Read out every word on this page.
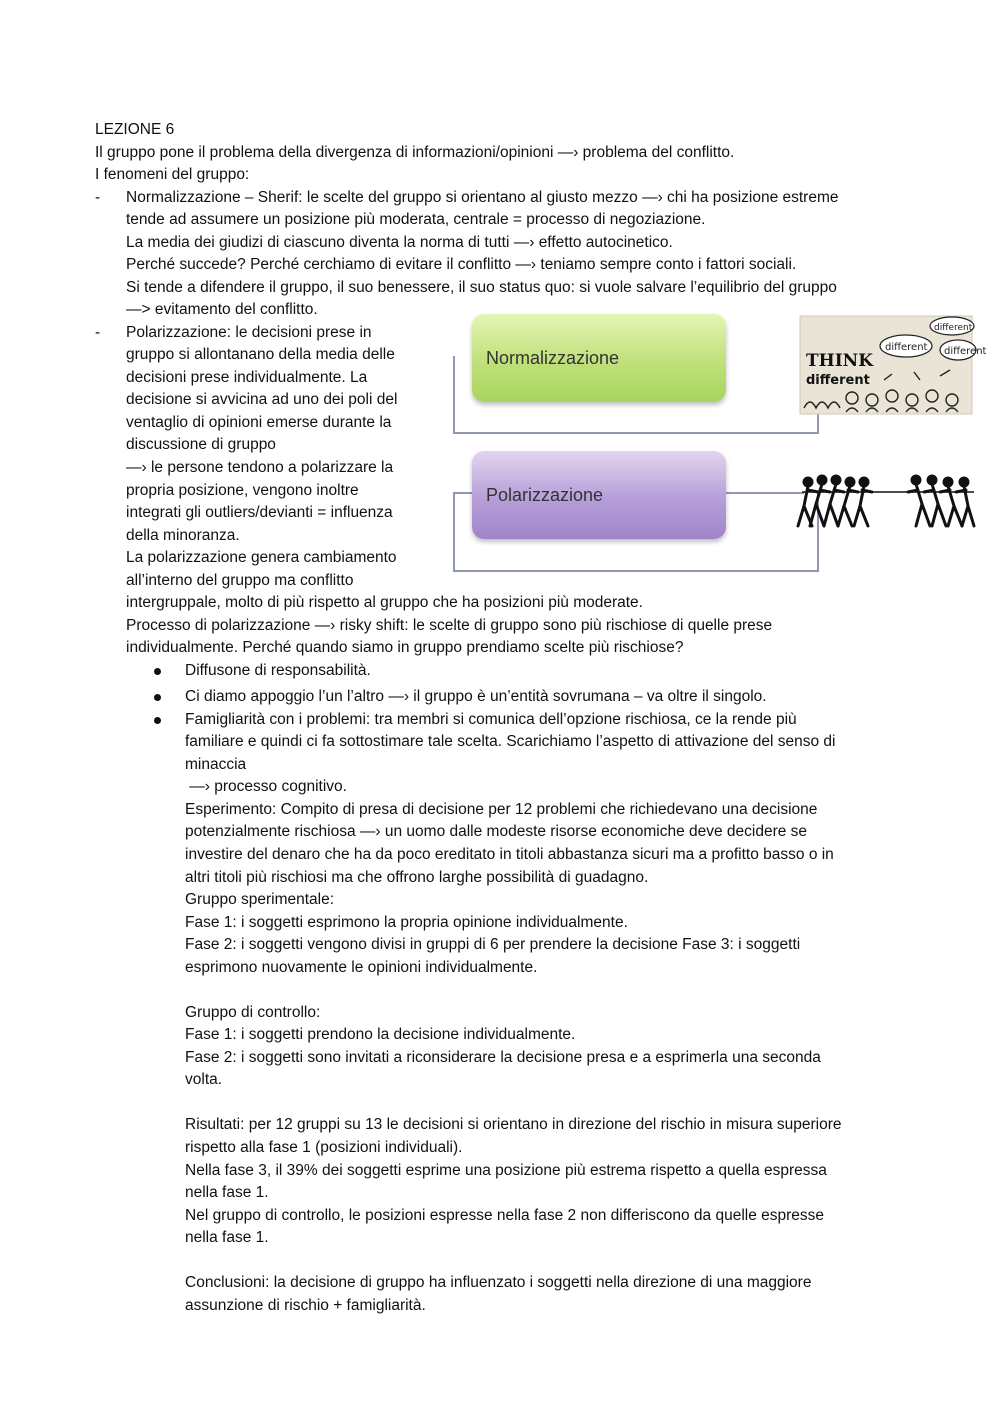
LEZIONE 6
Il gruppo pone il problema della divergenza di informazioni/opinioni —› problema del conflitto.
I fenomeni del gruppo:
- Normalizzazione – Sherif: le scelte del gruppo si orientano al giusto mezzo —› chi ha posizione estreme
tende ad assumere un posizione più moderata, centrale = processo di negoziazione.
La media dei giudizi di ciascuno diventa la norma di tutti —› effetto autocinetico.
Perché succede? Perché cerchiamo di evitare il conflitto —› teniamo sempre conto i fattori sociali.
Si tende a difendere il gruppo, il suo benessere, il suo status quo: si vuole salvare l’equilibrio del gruppo
—> evitamento del conflitto.
- Polarizzazione: le decisioni prese in
gruppo si allontanano della media delle
decisioni prese individualmente. La
decisione si avvicina ad uno dei poli del
ventaglio di opinioni emerse durante la
discussione di gruppo
—› le persone tendono a polarizzare la
propria posizione, vengono inoltre
integrati gli outliers/devianti = influenza
della minoranza.
La polarizzazione genera cambiamento
all’interno del gruppo ma conflitto
intergruppale, molto di più rispetto al gruppo che ha posizioni più moderate.
Processo di polarizzazione —› risky shift: le scelte di gruppo sono più rischiose di quelle prese
individualmente. Perché quando siamo in gruppo prendiamo scelte più rischiose?
Normalizzazione
Polarizzazione
different
different different
THINK
different
Diffusone di responsabilità.
Ci diamo appoggio l’un l’altro —› il gruppo è un’entità sovrumana – va oltre il singolo.
Famigliarità con i problemi: tra membri si comunica dell’opzione rischiosa, ce la rende più
familiare e quindi ci fa sottostimare tale scelta. Scarichiamo l’aspetto di attivazione del senso di
minaccia
—› processo cognitivo.
Esperimento: Compito di presa di decisione per 12 problemi che richiedevano una decisione
potenzialmente rischiosa —› un uomo dalle modeste risorse economiche deve decidere se
investire del denaro che ha da poco ereditato in titoli abbastanza sicuri ma a profitto basso o in
altri titoli più rischiosi ma che offrono larghe possibilità di guadagno.
Gruppo sperimentale:
Fase 1: i soggetti esprimono la propria opinione individualmente.
Fase 2: i soggetti vengono divisi in gruppi di 6 per prendere la decisione Fase 3: i soggetti
esprimono nuovamente le opinioni individualmente.
Gruppo di controllo:
Fase 1: i soggetti prendono la decisione individualmente.
Fase 2: i soggetti sono invitati a riconsiderare la decisione presa e a esprimerla una seconda
volta.
Risultati: per 12 gruppi su 13 le decisioni si orientano in direzione del rischio in misura superiore
rispetto alla fase 1 (posizioni individuali).
Nella fase 3, il 39% dei soggetti esprime una posizione più estrema rispetto a quella espressa
nella fase 1.
Nel gruppo di controllo, le posizioni espresse nella fase 2 non differiscono da quelle espresse
nella fase 1.
Conclusioni: la decisione di gruppo ha influenzato i soggetti nella direzione di una maggiore
assunzione di rischio + famigliarità.
